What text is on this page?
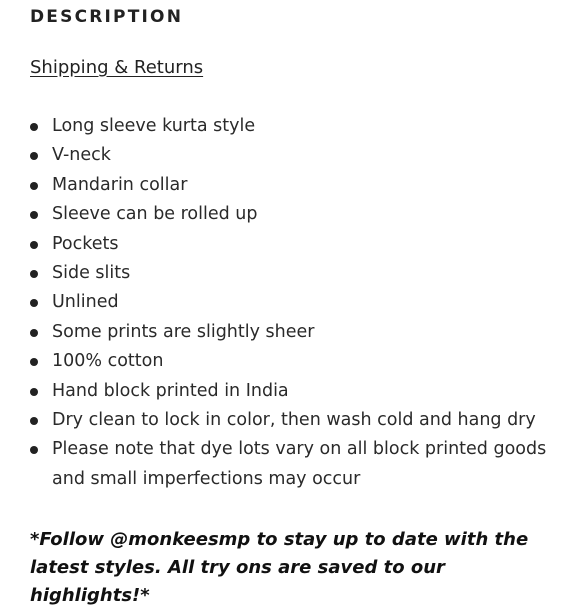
DESCRIPTION
Shipping & Returns
Long sleeve kurta style
V-neck
Mandarin collar
Sleeve can be rolled up
Pockets
Side slits
Unlined
Some prints are slightly sheer
100% cotton
Hand block printed in India
Dry clean to lock in color, then wash cold and hang dry
Please note that dye lots vary on all block printed goods and small imperfections may occur

*Follow @monkeesmp to stay up to date with the latest styles. All try ons are saved to our highlights!*
